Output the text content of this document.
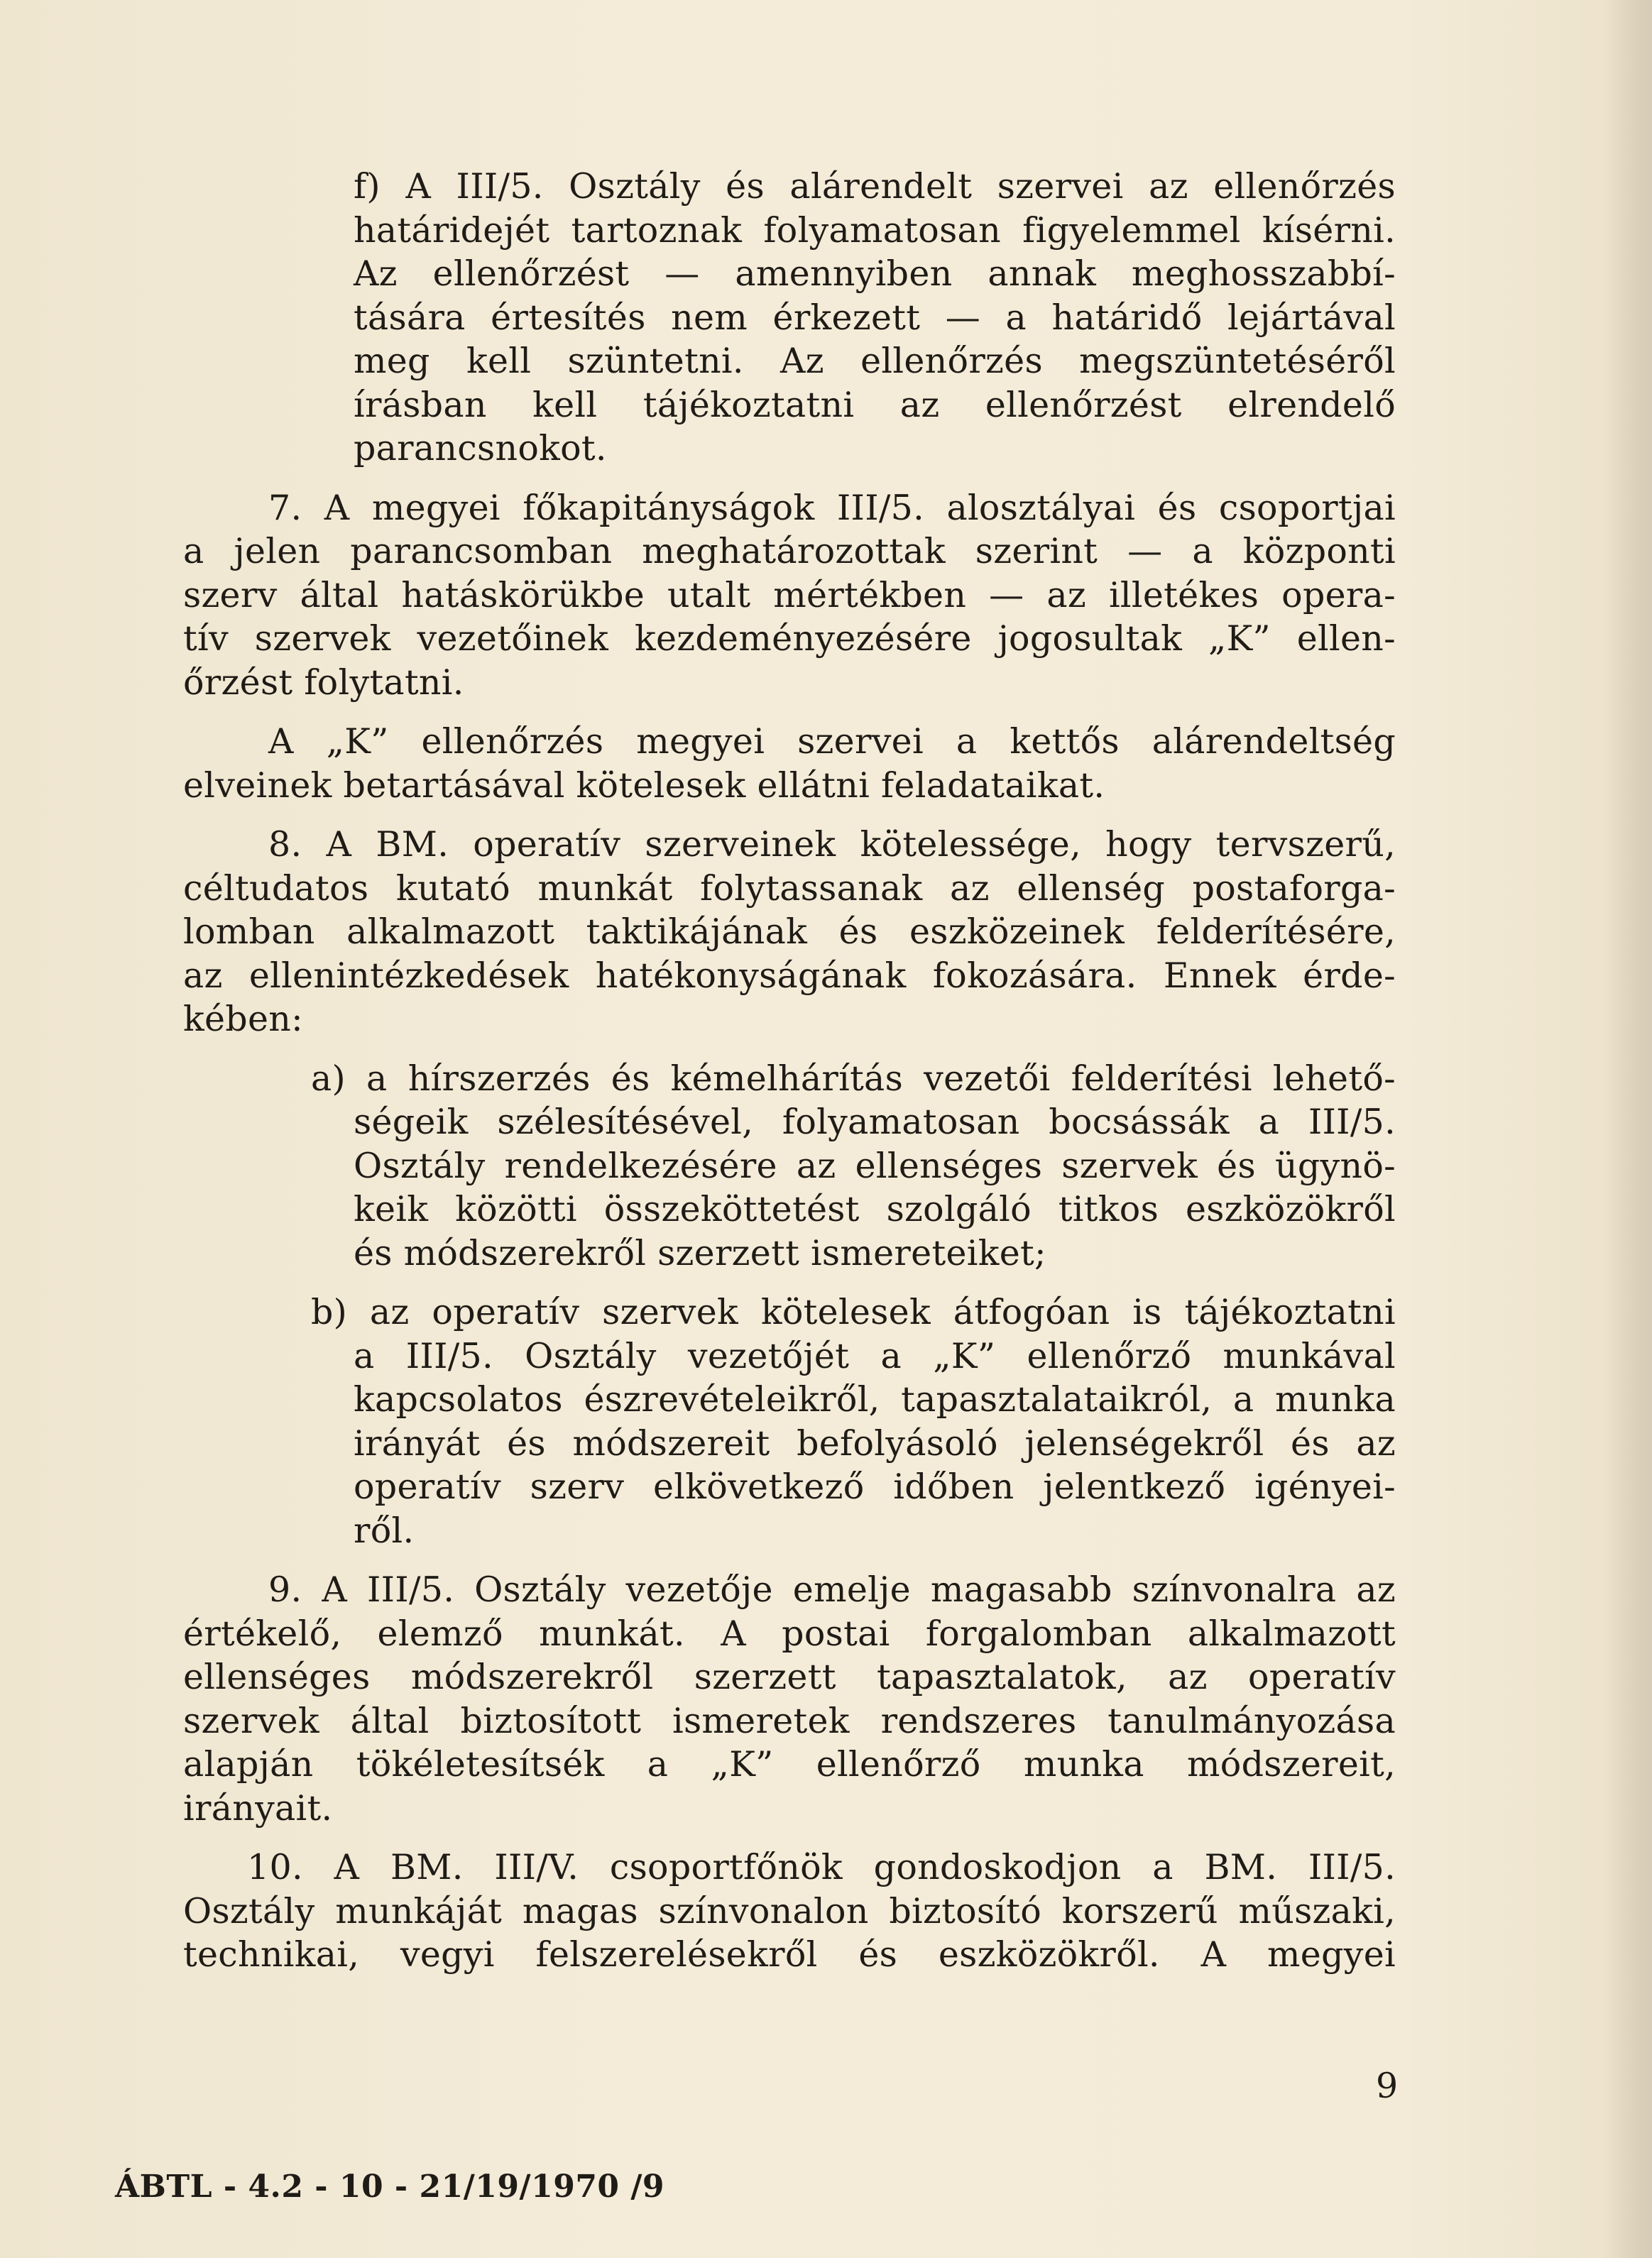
f) A III/5. Osztály és alárendelt szervei az ellenőrzés
határidejét tartoznak folyamatosan figyelemmel kísérni.
Az ellenőrzést — amennyiben annak meghosszabbí-
tására értesítés nem érkezett — a határidő lejártával
meg kell szüntetni. Az ellenőrzés megszüntetéséről
írásban kell tájékoztatni az ellenőrzést elrendelő
parancsnokot.
7. A megyei főkapitányságok III/5. alosztályai és csoportjai
a jelen parancsomban meghatározottak szerint — a központi
szerv által hatáskörükbe utalt mértékben — az illetékes opera-
tív szervek vezetőinek kezdeményezésére jogosultak „K” ellen-
őrzést folytatni.
A „K” ellenőrzés megyei szervei a kettős alárendeltség
elveinek betartásával kötelesek ellátni feladataikat.
8. A BM. operatív szerveinek kötelessége, hogy tervszerű,
céltudatos kutató munkát folytassanak az ellenség postaforga-
lomban alkalmazott taktikájának és eszközeinek felderítésére,
az ellenintézkedések hatékonyságának fokozására. Ennek érde-
kében:
a) a hírszerzés és kémelhárítás vezetői felderítési lehető-
ségeik szélesítésével, folyamatosan bocsássák a III/5.
Osztály rendelkezésére az ellenséges szervek és ügynö-
keik közötti összeköttetést szolgáló titkos eszközökről
és módszerekről szerzett ismereteiket;
b) az operatív szervek kötelesek átfogóan is tájékoztatni
a III/5. Osztály vezetőjét a „K” ellenőrző munkával
kapcsolatos észrevételeikről, tapasztalataikról, a munka
irányát és módszereit befolyásoló jelenségekről és az
operatív szerv elkövetkező időben jelentkező igényei-
ről.
9. A III/5. Osztály vezetője emelje magasabb színvonalra az
értékelő, elemző munkát. A postai forgalomban alkalmazott
ellenséges módszerekről szerzett tapasztalatok, az operatív
szervek által biztosított ismeretek rendszeres tanulmányozása
alapján tökéletesítsék a „K” ellenőrző munka módszereit,
irányait.
10. A BM. III/V. csoportfőnök gondoskodjon a BM. III/5.
Osztály munkáját magas színvonalon biztosító korszerű műszaki,
technikai, vegyi felszerelésekről és eszközökről. A megyei
9
ÁBTL - 4.2 - 10 - 21/19/1970 /9
